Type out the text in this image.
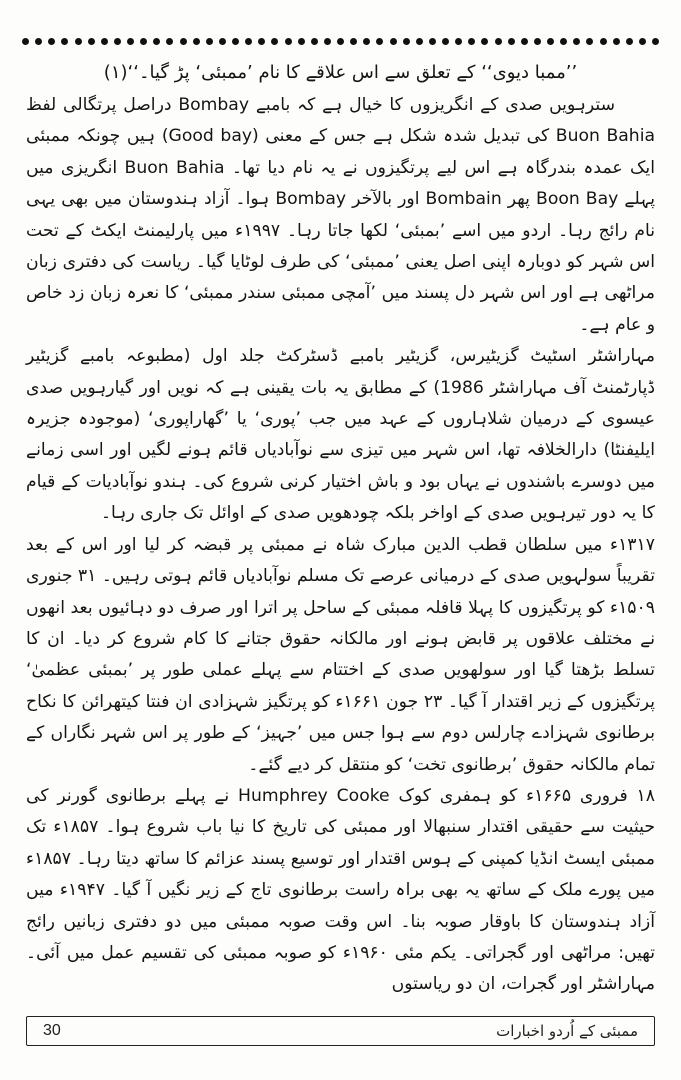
’’ممبا دیوی‘‘ کے تعلق سے اس علاقے کا نام ’ممبئی‘ پڑ گیا۔‘‘(۱)

سترہویں صدی کے انگریزوں کا خیال ہے کہ بامبے Bombay دراصل پرتگالی لفظ Buon Bahia کی تبدیل شدہ شکل ہے جس کے معنی (Good bay) ہیں چونکہ ممبئی ایک عمدہ بندرگاہ ہے اس لیے پرتگیزوں نے یہ نام دیا تھا۔ Buon Bahia انگریزی میں پہلے Boon Bay پھر Bombain اور بالآخر Bombay ہوا۔ آزاد ہندوستان میں بھی یہی نام رائج رہا۔ اردو میں اسے ’بمبئی‘ لکھا جاتا رہا۔ ۱۹۹۷ء میں پارلیمنٹ ایکٹ کے تحت اس شہر کو دوبارہ اپنی اصل یعنی ’ممبئی‘ کی طرف لوٹایا گیا۔ ریاست کی دفتری زبان مراٹھی ہے اور اس شہر دل پسند میں ’آمچی ممبئی سندر ممبئی‘ کا نعرہ زبان زد خاص و عام ہے۔

مہاراشٹر اسٹیٹ گزیٹیرس، گزیٹیر بامبے ڈسٹرکٹ جلد اول (مطبوعہ بامبے گزیٹیر ڈپارٹمنٹ آف مہاراشٹر 1986) کے مطابق یہ بات یقینی ہے کہ نویں اور گیارہویں صدی عیسوی کے درمیان شلاہاروں کے عہد میں جب ’پوری‘ یا ’گھاراپوری‘ (موجودہ جزیرہ ایلیفنٹا) دارالخلافہ تھا، اس شہر میں تیزی سے نوآبادیاں قائم ہونے لگیں اور اسی زمانے میں دوسرے باشندوں نے یہاں بود و باش اختیار کرنی شروع کی۔ ہندو نوآبادیات کے قیام کا یہ دور تیرہویں صدی کے اواخر بلکہ چودھویں صدی کے اوائل تک جاری رہا۔

۱۳۱۷ء میں سلطان قطب الدین مبارک شاہ نے ممبئی پر قبضہ کر لیا اور اس کے بعد تقریباً سولہویں صدی کے درمیانی عرصے تک مسلم نوآبادیاں قائم ہوتی رہیں۔ ۳۱ جنوری ۱۵۰۹ء کو پرتگیزوں کا پہلا قافلہ ممبئی کے ساحل پر اترا اور صرف دو دہائیوں بعد انھوں نے مختلف علاقوں پر قابض ہونے اور مالکانہ حقوق جتانے کا کام شروع کر دیا۔ ان کا تسلط بڑھتا گیا اور سولھویں صدی کے اختتام سے پہلے عملی طور پر ’بمبئی عظمیٰ‘ پرتگیزوں کے زیر اقتدار آ گیا۔ ۲۳ جون ۱۶۶۱ء کو پرتگیز شہزادی ان فنتا کیتھرائن کا نکاح برطانوی شہزادے چارلس دوم سے ہوا جس میں ’جہیز‘ کے طور پر اس شہر نگاراں کے تمام مالکانہ حقوق ’برطانوی تخت‘ کو منتقل کر دیے گئے۔

۱۸ فروری ۱۶۶۵ء کو ہمفری کوک Humphrey Cooke نے پہلے برطانوی گورنر کی حیثیت سے حقیقی اقتدار سنبھالا اور ممبئی کی تاریخ کا نیا باب شروع ہوا۔ ۱۸۵۷ء تک ممبئی ایسٹ انڈیا کمپنی کے ہوس اقتدار اور توسیع پسند عزائم کا ساتھ دیتا رہا۔ ۱۸۵۷ء میں پورے ملک کے ساتھ یہ بھی براہ راست برطانوی تاج کے زیر نگیں آ گیا۔ ۱۹۴۷ء میں آزاد ہندوستان کا باوقار صوبہ بنا۔ اس وقت صوبہ ممبئی میں دو دفتری زبانیں رائج تھیں: مراٹھی اور گجراتی۔ یکم مئی ۱۹۶۰ء کو صوبہ ممبئی کی تقسیم عمل میں آئی۔ مہاراشٹر اور گجرات، ان دو ریاستوں

30	ممبئی کے اُردو اخبارات
